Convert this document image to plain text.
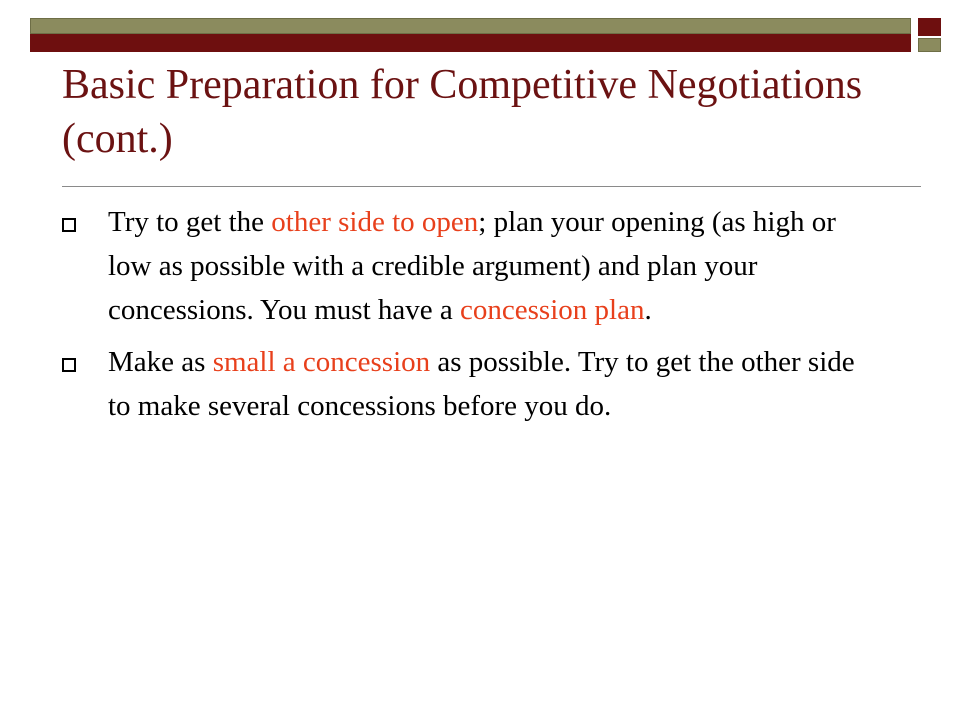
Basic Preparation for Competitive Negotiations (cont.)
Try to get the other side to open; plan your opening (as high or low as possible with a credible argument) and plan your concessions. You must have a concession plan.
Make as small a concession as possible. Try to get the other side to make several concessions before you do.
